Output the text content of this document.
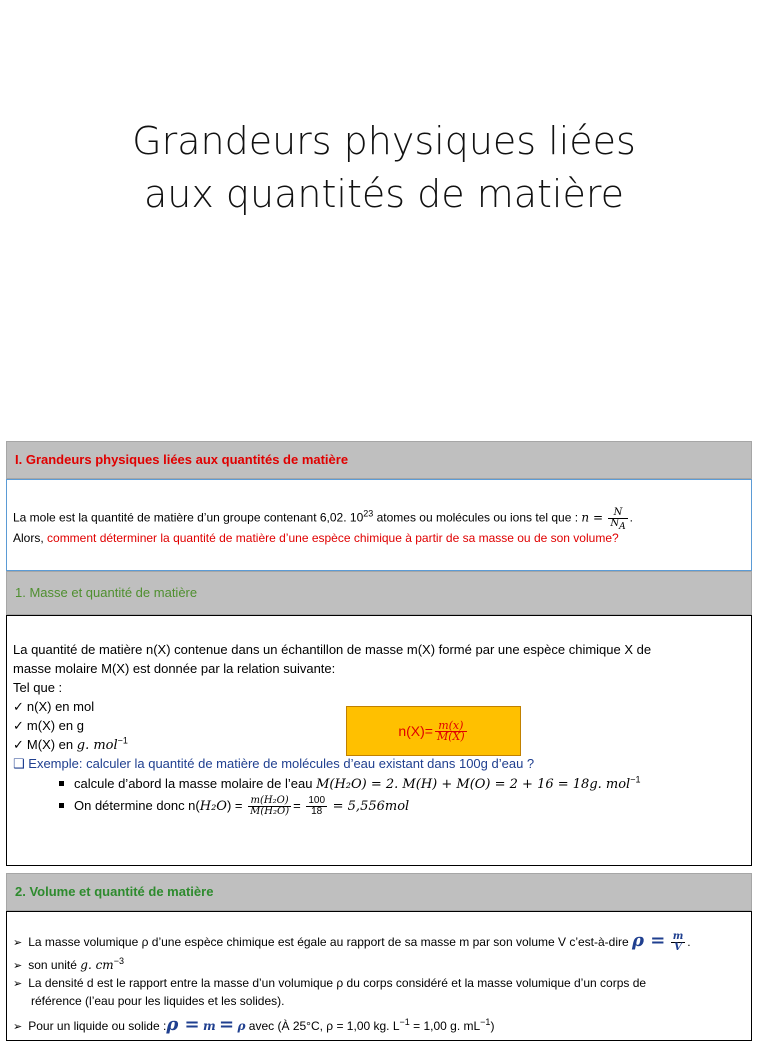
Grandeurs physiques liées
aux quantités de matière
I. Grandeurs physiques liées aux quantités de matière
La mole est la quantité de matière d’un groupe contenant 6,02. $10^{23}$ atomes ou molécules ou ions tel que : $n = \frac{N}{N_A}$ .
Alors, comment déterminer la quantité de matière d’une espèce chimique à partir de sa masse ou de son volume?
1. Masse et quantité de matière
La quantité de matière n(X) contenue dans un échantillon de masse m(X) formé par une espèce chimique X de
masse molaire M(X) est donnée par la relation suivante:
Tel que :
✓ n(X) en mol
✓ m(X) en g
✓ M(X) en g. mol$^{-1}$
$n(X)= \frac{m(x)}{M(X)}$
❑ Exemple: calculer la quantité de matière de molécules d’eau existant dans 100g d’eau ?
calcule d’abord la masse molaire de l’eau M(H₂O) = 2. M(H) + M(O) = 2 + 16 = 18g. mol$^{-1}$
On détermine donc $n(H_2O) = \frac{\text{m(H₂O)}}{\text{M(H₂O)}} = \frac{100}{18} = 5,556mol$
2. Volume et quantité de matière
➢ La masse volumique ρ d’une espèce chimique est égale au rapport de sa masse m par son volume V c’est-à-dire $\rho = \frac{m}{V}$ .
➢ son unité g. $cm^{-3}$
➢ La densité d est le rapport entre la masse d’un volumique ρ du corps considéré et la masse volumique d’un corps de
référence (l’eau pour les liquides et les solides).
➢ Pour un liquide ou solide :ρ = m = ρ avec (À 25°C, ρ = 1,00 kg. $L^{-1} = 1,00$ g. $mL^{-1}$)
